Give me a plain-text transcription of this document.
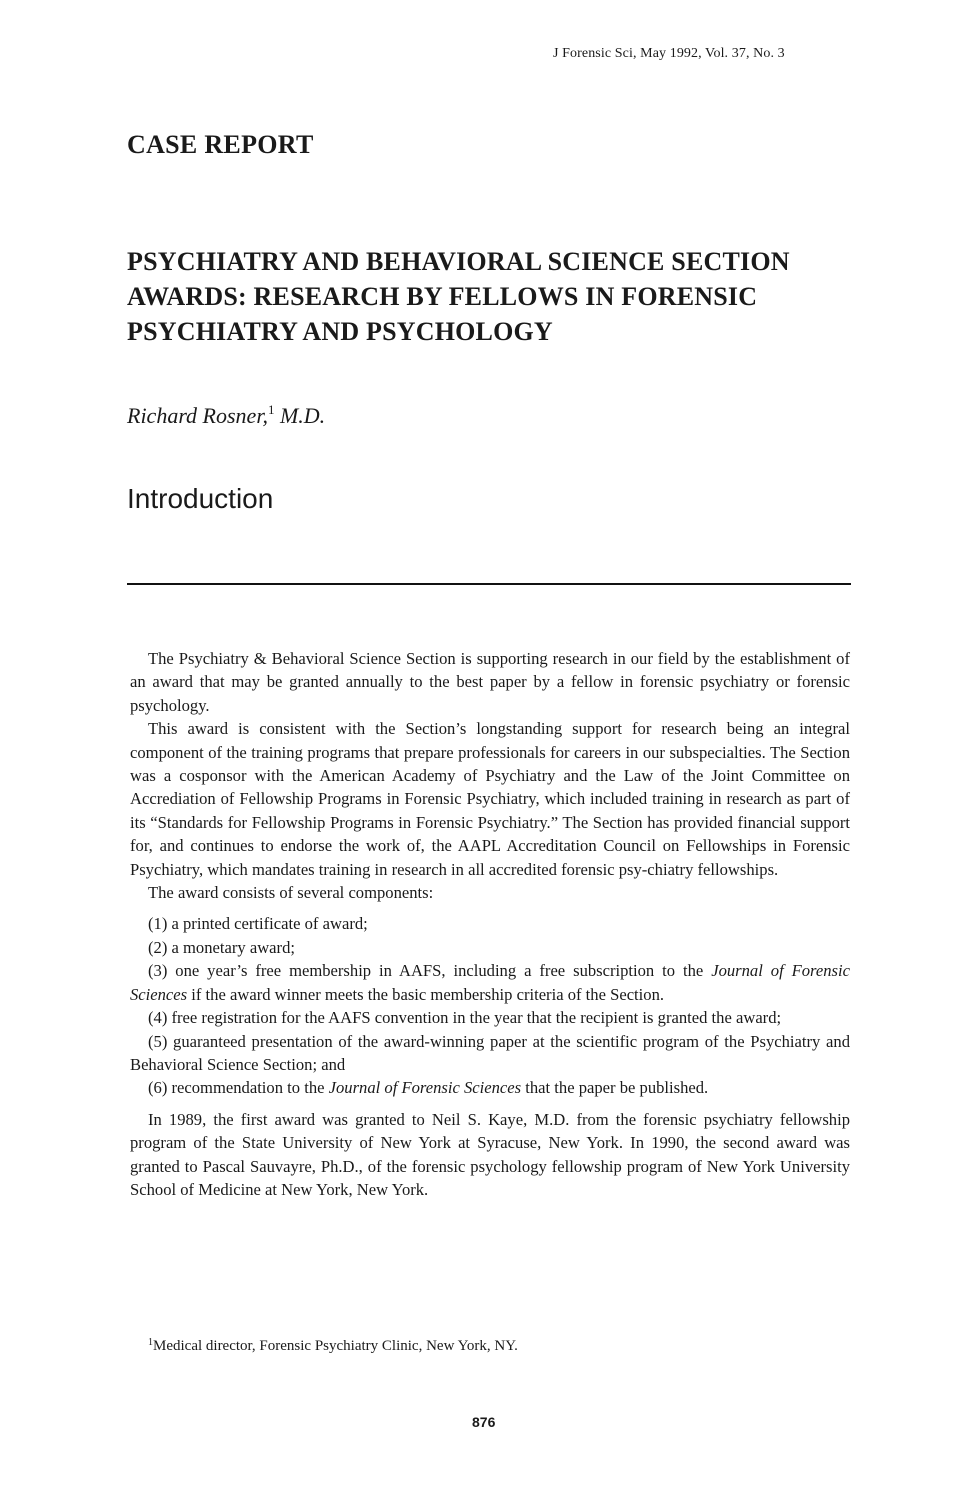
J Forensic Sci, May 1992, Vol. 37, No. 3
CASE REPORT
PSYCHIATRY AND BEHAVIORAL SCIENCE SECTION AWARDS: RESEARCH BY FELLOWS IN FORENSIC PSYCHIATRY AND PSYCHOLOGY
Richard Rosner,$^1$ M.D.
Introduction

The Psychiatry & Behavioral Science Section is supporting research in our field by the establishment of an award that may be granted annually to the best paper by a fellow in forensic psychiatry or forensic psychology.

This award is consistent with the Section’s longstanding support for research being an integral component of the training programs that prepare professionals for careers in our subspecialties. The Section was a cosponsor with the American Academy of Psychiatry and the Law of the Joint Committee on Accrediation of Fellowship Programs in Forensic Psychiatry, which included training in research as part of its “Standards for Fellowship Programs in Forensic Psychiatry.” The Section has provided financial support for, and continues to endorse the work of, the AAPL Accreditation Council on Fellowships in Forensic Psychiatry, which mandates training in research in all accredited forensic psy-chiatry fellowships.

The award consists of several components:

(1) a printed certificate of award;
(2) a monetary award;
(3) one year’s free membership in AAFS, including a free subscription to the Journal of Forensic Sciences if the award winner meets the basic membership criteria of the Section.
(4) free registration for the AAFS convention in the year that the recipient is granted the award;
(5) guaranteed presentation of the award-winning paper at the scientific program of the Psychiatry and Behavioral Science Section; and
(6) recommendation to the Journal of Forensic Sciences that the paper be published.

In 1989, the first award was granted to Neil S. Kaye, M.D. from the forensic psychiatry fellowship program of the State University of New York at Syracuse, New York. In 1990, the second award was granted to Pascal Sauvayre, Ph.D., of the forensic psychology fellowship program of New York University School of Medicine at New York, New York.

$^1$Medical director, Forensic Psychiatry Clinic, New York, NY.
876
